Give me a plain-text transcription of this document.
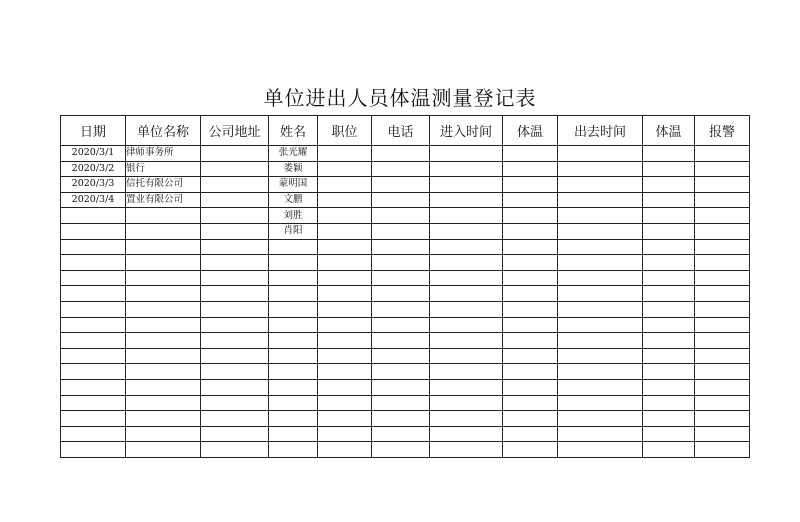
单位进出人员体温测量登记表
日期	单位名称	公司地址	姓名	职位	电话	进入时间	体温	出去时间	体温	报警
2020/3/1	律师事务所		张光耀							
2020/3/2	银行		娄颖							
2020/3/3	信托有限公司		蒙明国							
2020/3/4	置业有限公司		文鹏							
			刘胜							
			肖阳							
